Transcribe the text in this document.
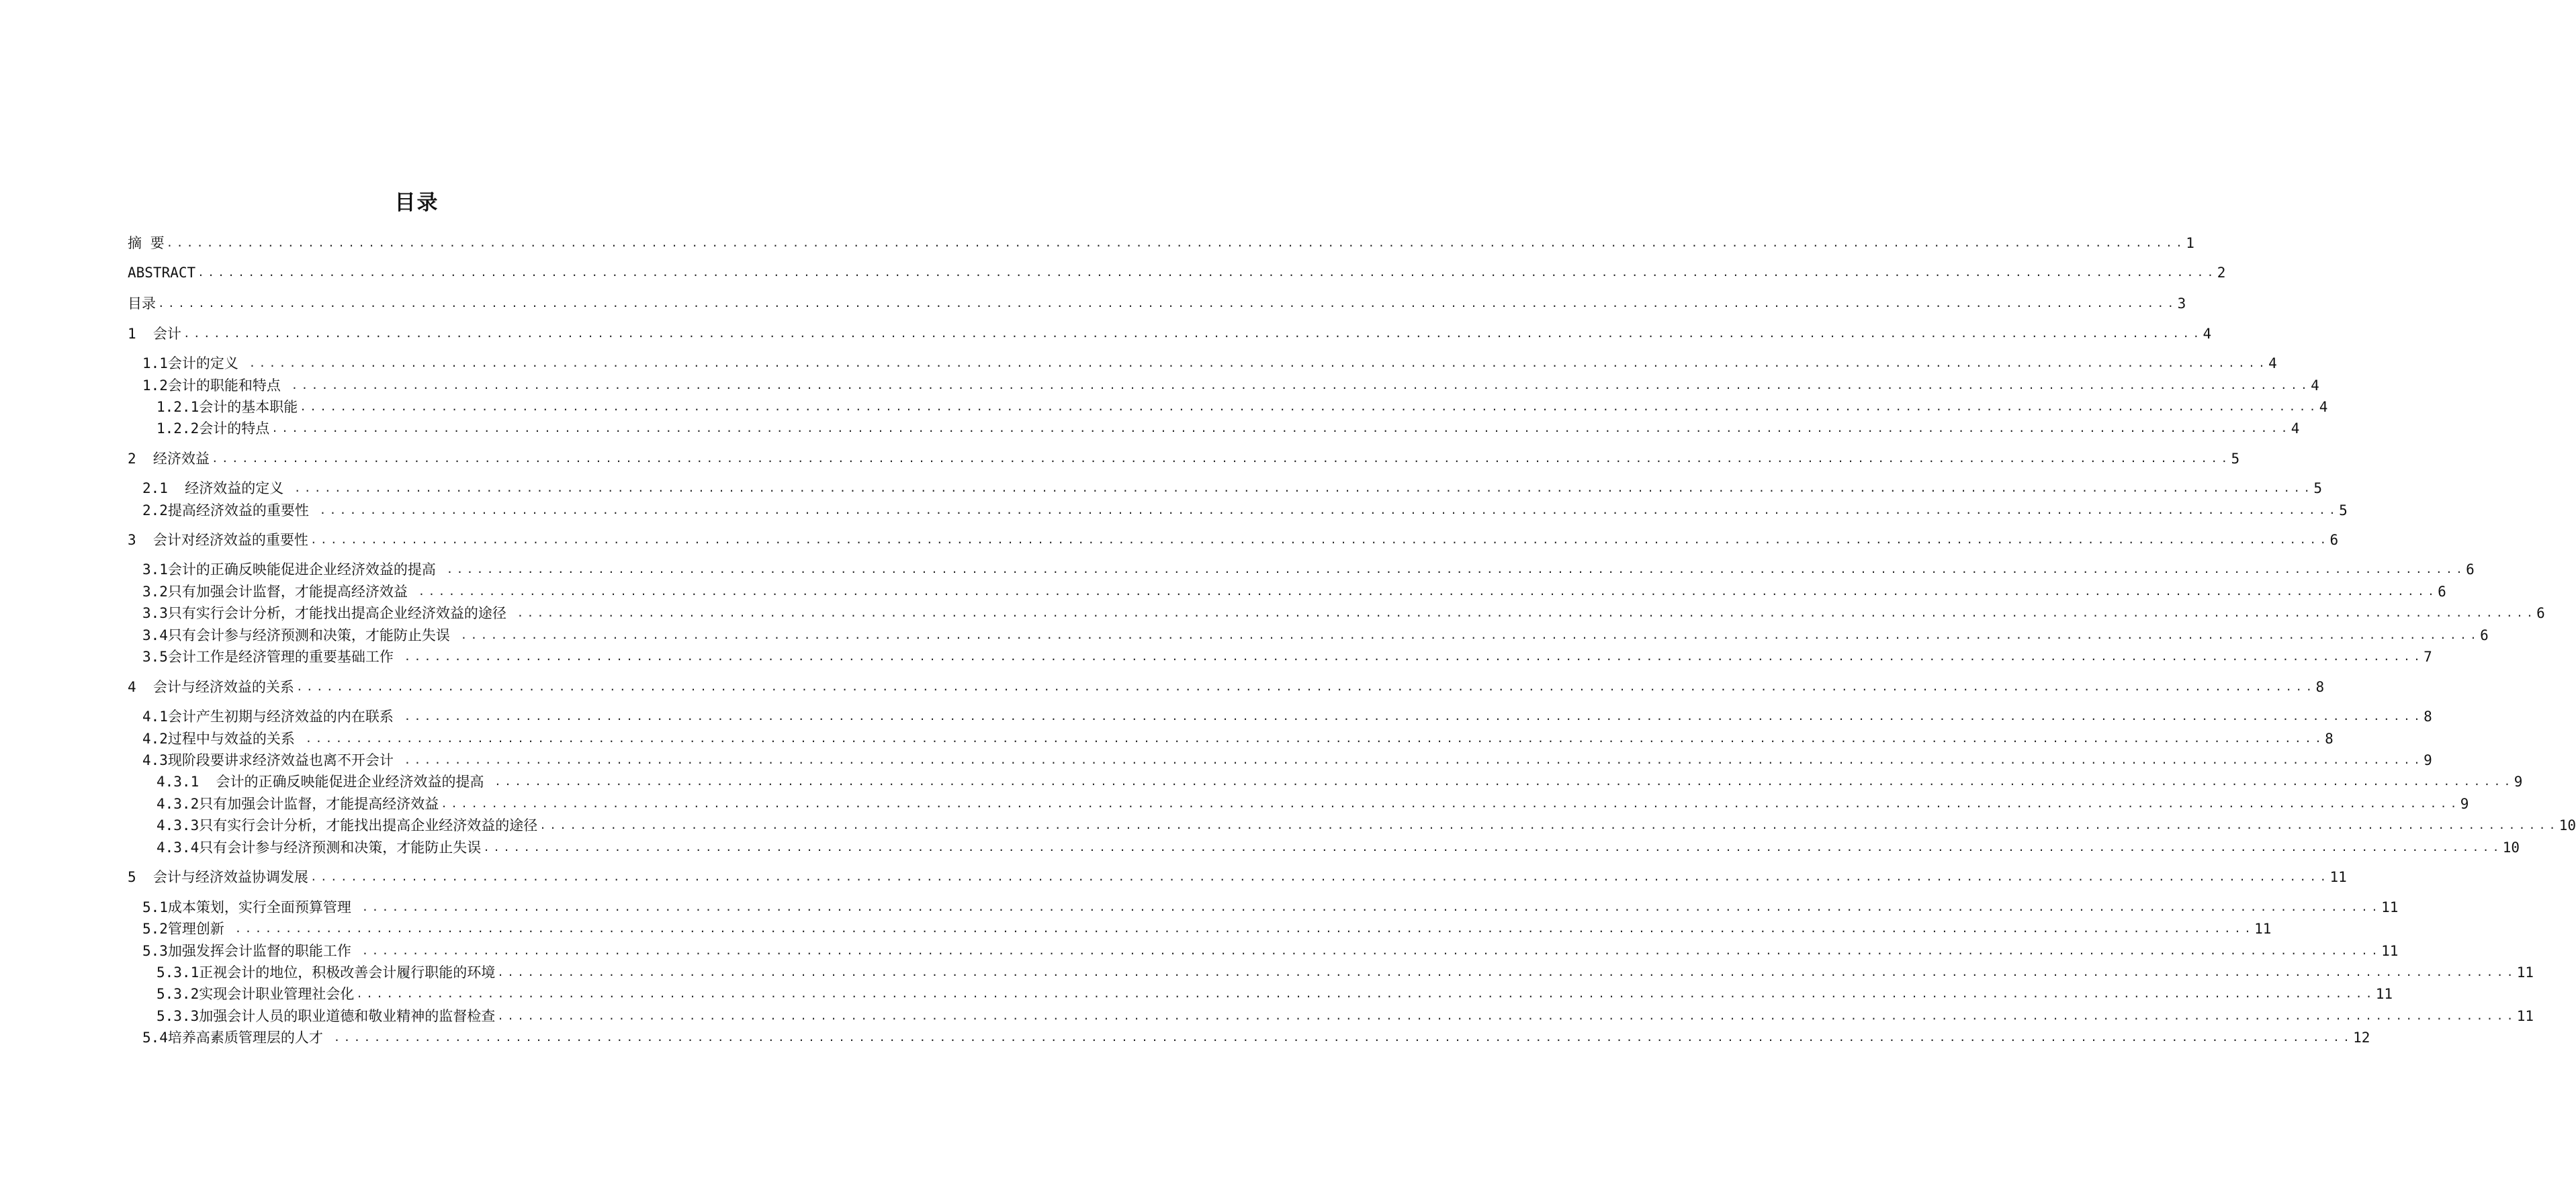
目录
摘 要 ........................................................................................................................................................................................................ 1
ABSTRACT ........................................................................................................................................................................................................ 2
目录 ........................................................................................................................................................................................................ 3
1  会计 ........................................................................................................................................................................................................ 4
1.1会计的定义 ........................................................................................................................................................................................................ 4
1.2会计的职能和特点 ........................................................................................................................................................................................................ 4
1.2.1会计的基本职能 ........................................................................................................................................................................................................ 4
1.2.2会计的特点 ........................................................................................................................................................................................................ 4
2  经济效益 ........................................................................................................................................................................................................ 5
2.1  经济效益的定义 ........................................................................................................................................................................................................ 5
2.2提高经济效益的重要性 ........................................................................................................................................................................................................ 5
3  会计对经济效益的重要性 ........................................................................................................................................................................................................ 6
3.1会计的正确反映能促进企业经济效益的提高 ........................................................................................................................................................................................................ 6
3.2只有加强会计监督，才能提高经济效益 ........................................................................................................................................................................................................ 6
3.3只有实行会计分析，才能找出提高企业经济效益的途径 ........................................................................................................................................................................................................ 6
3.4只有会计参与经济预测和决策，才能防止失误 ........................................................................................................................................................................................................ 6
3.5会计工作是经济管理的重要基础工作 ........................................................................................................................................................................................................ 7
4  会计与经济效益的关系 ........................................................................................................................................................................................................ 8
4.1会计产生初期与经济效益的内在联系 ........................................................................................................................................................................................................ 8
4.2过程中与效益的关系 ........................................................................................................................................................................................................ 8
4.3现阶段要讲求经济效益也离不开会计 ........................................................................................................................................................................................................ 9
4.3.1  会计的正确反映能促进企业经济效益的提高 ........................................................................................................................................................................................................ 9
4.3.2只有加强会计监督，才能提高经济效益 ........................................................................................................................................................................................................ 9
4.3.3只有实行会计分析，才能找出提高企业经济效益的途径 ........................................................................................................................................................................................................ 10
4.3.4只有会计参与经济预测和决策，才能防止失误 ........................................................................................................................................................................................................ 10
5  会计与经济效益协调发展 ........................................................................................................................................................................................................ 11
5.1成本策划，实行全面预算管理 ........................................................................................................................................................................................................ 11
5.2管理创新 ........................................................................................................................................................................................................ 11
5.3加强发挥会计监督的职能工作 ........................................................................................................................................................................................................ 11
5.3.1正视会计的地位，积极改善会计履行职能的环境 ........................................................................................................................................................................................................ 11
5.3.2实现会计职业管理社会化 ........................................................................................................................................................................................................ 11
5.3.3加强会计人员的职业道德和敬业精神的监督检查 ........................................................................................................................................................................................................ 11
5.4培养高素质管理层的人才 ........................................................................................................................................................................................................ 12
